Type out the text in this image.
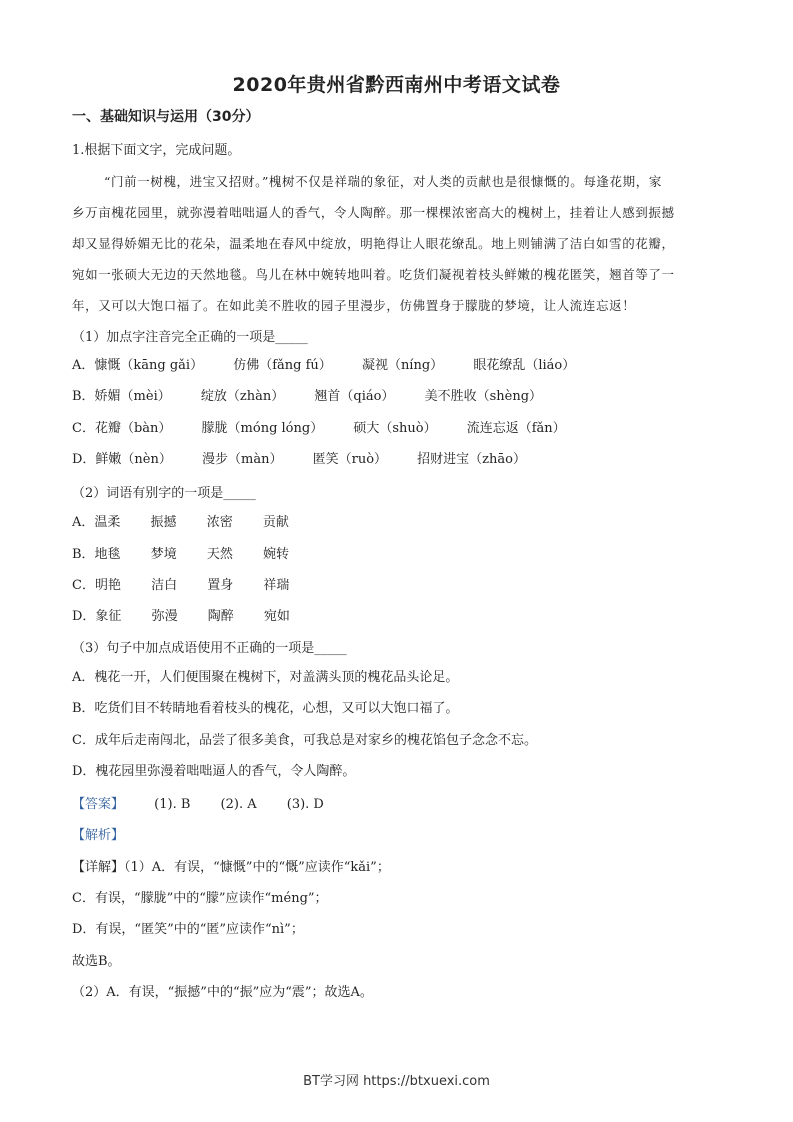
2020年贵州省黔西南州中考语文试卷
一、基础知识与运用（30分）
1.根据下面文字，完成问题。
“门前一树槐，进宝又招财。”槐树不仅是祥瑞的象征，对人类的贡献也是很慷慨的。每逢花期，家
乡万亩槐花园里，就弥漫着咄咄逼人的香气，令人陶醉。那一棵棵浓密高大的槐树上，挂着让人感到振撼
却又显得娇媚无比的花朵，温柔地在春风中绽放，明艳得让人眼花缭乱。地上则铺满了洁白如雪的花瓣，
宛如一张硕大无边的天然地毯。鸟儿在林中婉转地叫着。吃货们凝视着枝头鲜嫩的槐花匿笑，翘首等了一
年，又可以大饱口福了。在如此美不胜收的园子里漫步，仿佛置身于朦胧的梦境，让人流连忘返！
（1）加点字注音完全正确的一项是_____
A．慷慨（kāng gǎi） 仿佛（fǎng fú） 凝视（níng） 眼花缭乱（liáo）
B．娇媚（mèi） 绽放（zhàn） 翘首（qiáo） 美不胜收（shèng）
C．花瓣（bàn） 朦胧（móng lóng） 硕大（shuò） 流连忘返（fǎn）
D．鲜嫩（nèn） 漫步（màn） 匿笑（ruò） 招财进宝（zhāo）
（2）词语有别字的一项是_____
A．温柔 振撼 浓密 贡献
B．地毯 梦境 天然 婉转
C．明艳 洁白 置身 祥瑞
D．象征 弥漫 陶醉 宛如
（3）句子中加点成语使用不正确的一项是_____
A．槐花一开，人们便围聚在槐树下，对盖满头顶的槐花品头论足。
B．吃货们目不转睛地看着枝头的槐花，心想，又可以大饱口福了。
C．成年后走南闯北，品尝了很多美食，可我总是对家乡的槐花馅包子念念不忘。
D．槐花园里弥漫着咄咄逼人的香气，令人陶醉。
【答案】 (1). B (2). A (3). D
【解析】
【详解】（1）A．有误，“慷慨”中的“慨”应读作“kǎi”；
C．有误，“朦胧”中的“朦”应读作“méng”；
D．有误，“匿笑”中的“匿”应读作“nì”；
故选B。
（2）A．有误，“振撼”中的“振”应为“震”；故选A。
BT学习网 https://btxuexi.com
